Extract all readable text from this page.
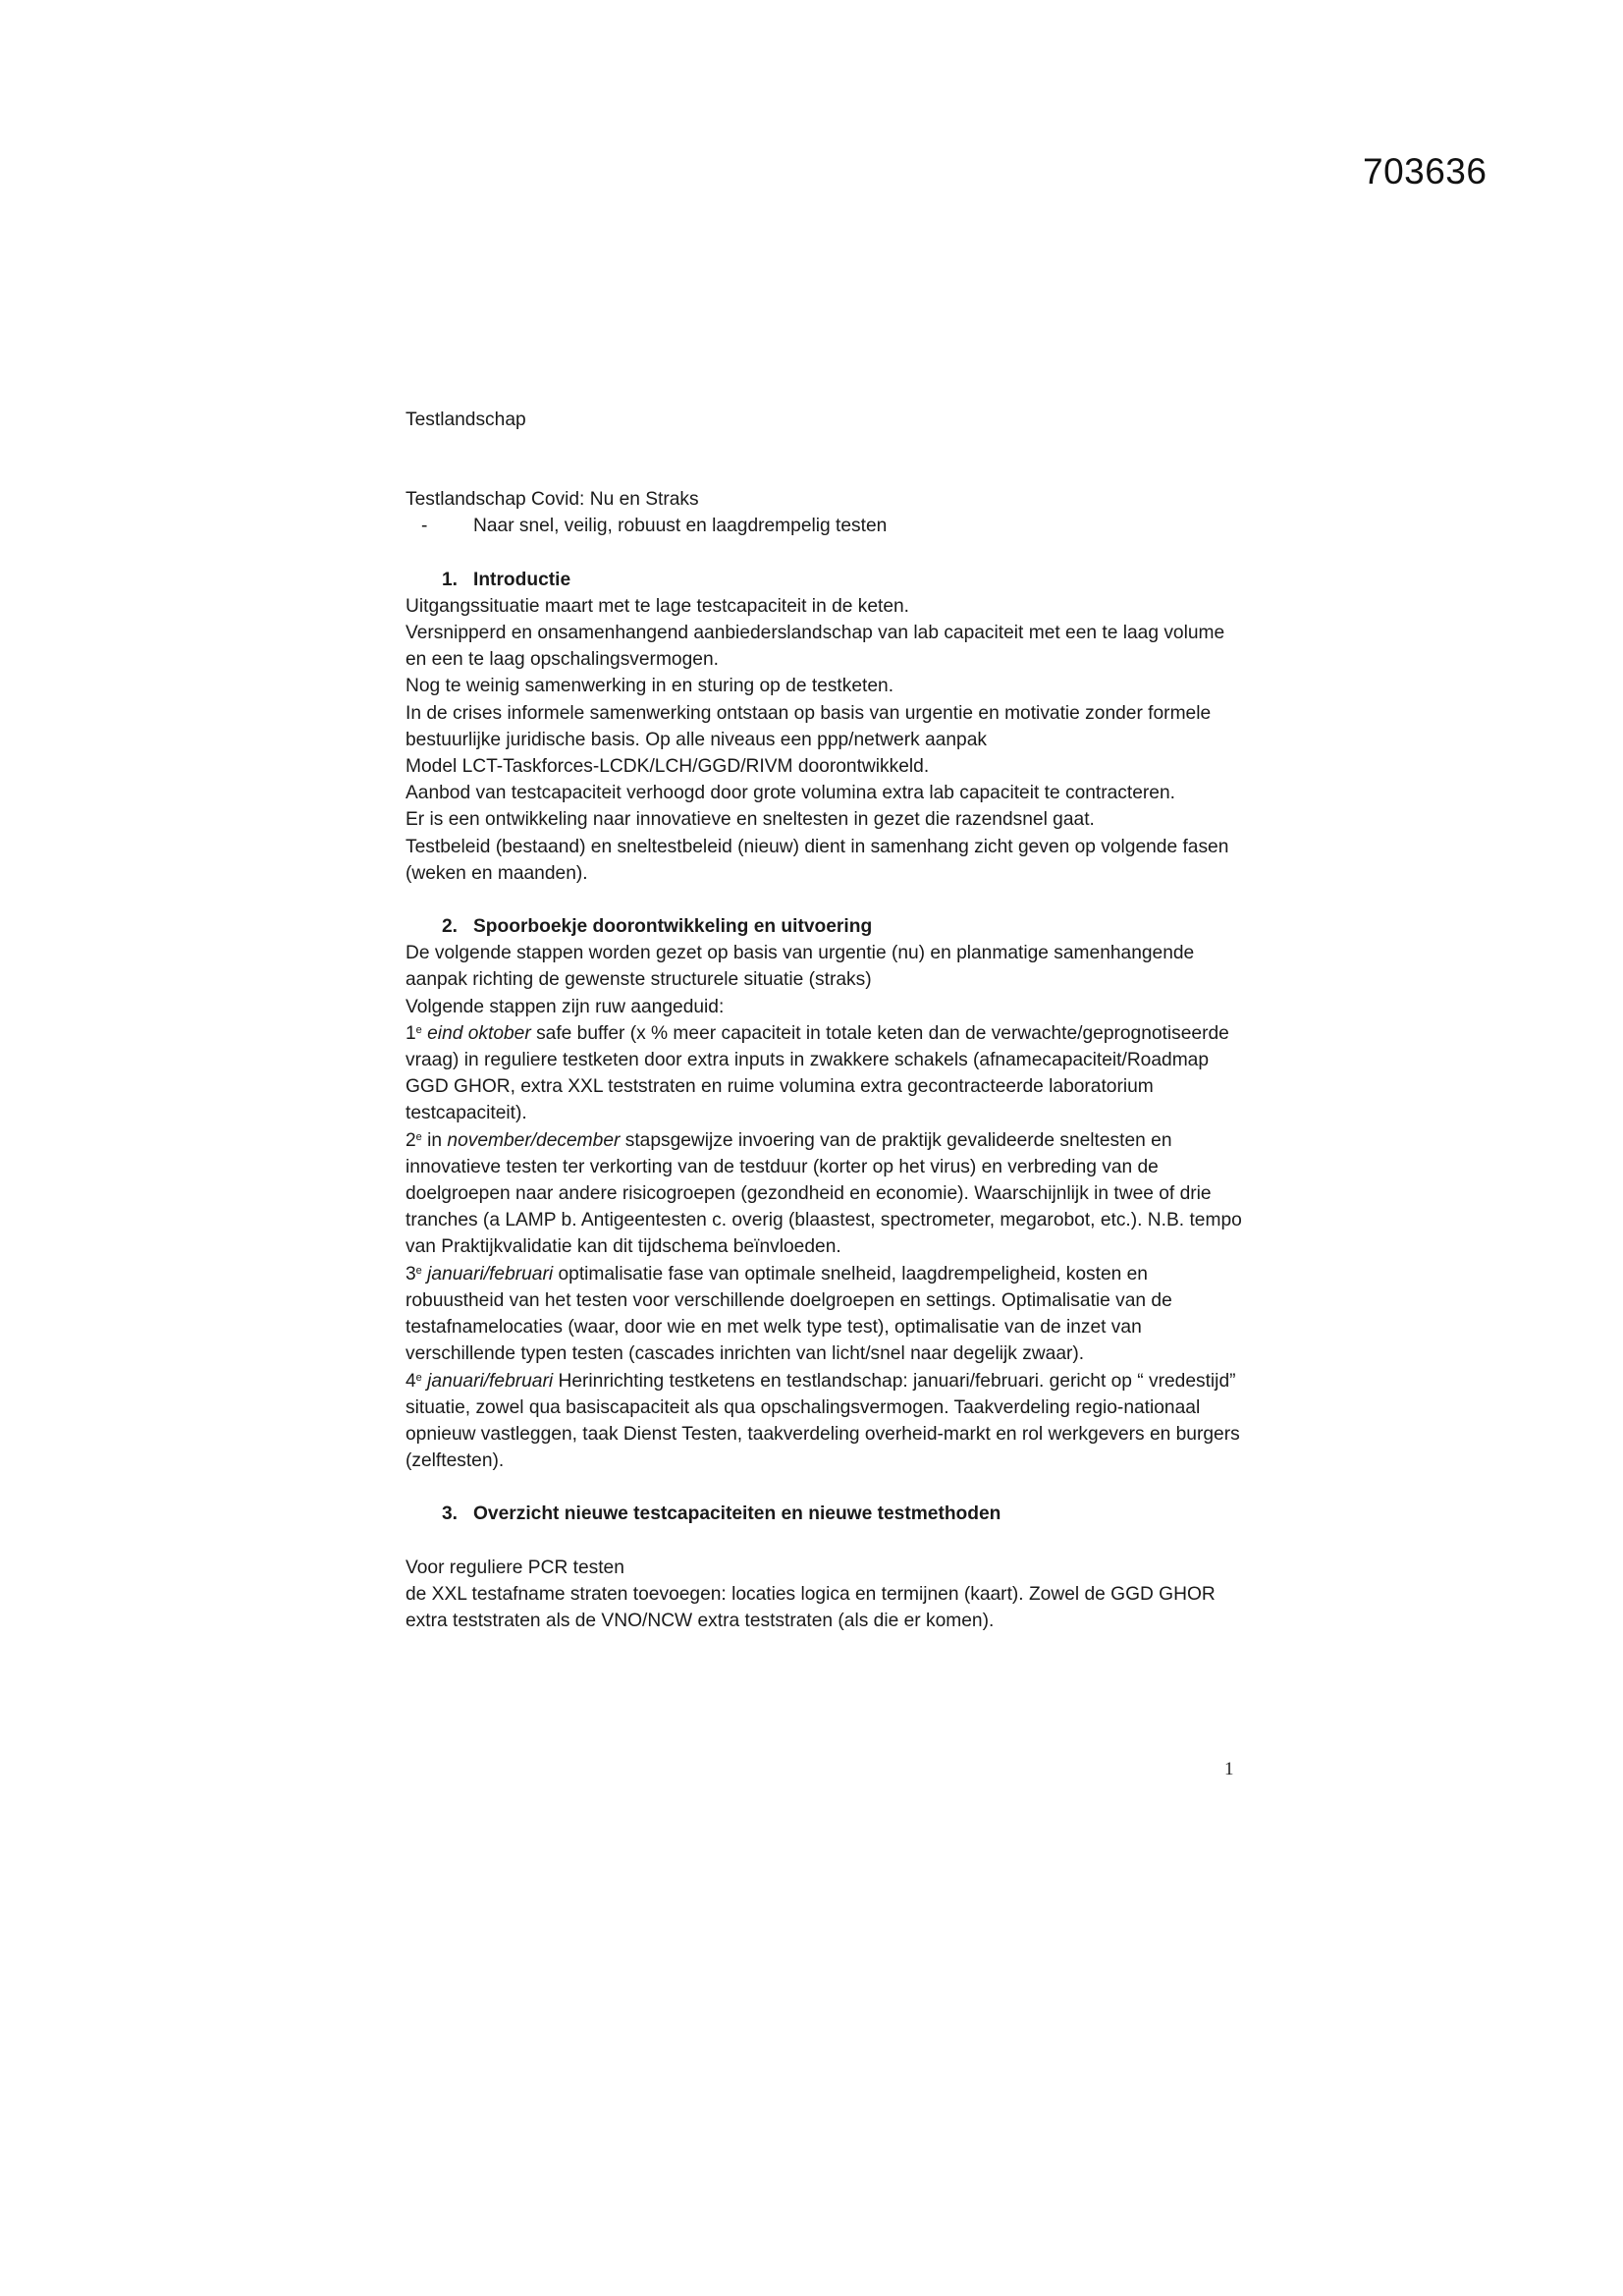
703636

Testlandschap

Testlandschap Covid: Nu en Straks

- Naar snel, veilig, robuust en laagdrempelig testen

1. Introductie

Uitgangssituatie maart met te lage testcapaciteit in de keten.

Versnipperd en onsamenhangend aanbiederslandschap van lab capaciteit met een te laag volume en een te laag opschalingsvermogen.

Nog te weinig samenwerking in en sturing op de testketen.

In de crises informele samenwerking ontstaan op basis van urgentie en motivatie zonder formele bestuurlijke juridische basis. Op alle niveaus een ppp/netwerk aanpak

Model LCT-Taskforces-LCDK/LCH/GGD/RIVM doorontwikkeld.

Aanbod van testcapaciteit verhoogd door grote volumina extra lab capaciteit te contracteren.

Er is een ontwikkeling naar innovatieve en sneltesten in gezet die razendsnel gaat.

Testbeleid (bestaand) en sneltestbeleid (nieuw) dient in samenhang zicht geven op volgende fasen (weken en maanden).

2. Spoorboekje doorontwikkeling en uitvoering

De volgende stappen worden gezet op basis van urgentie (nu) en planmatige samenhangende aanpak richting de gewenste structurele situatie (straks)

Volgende stappen zijn ruw aangeduid:

1e eind oktober safe buffer (x % meer capaciteit in totale keten dan de verwachte/geprognotiseerde vraag) in reguliere testketen door extra inputs in zwakkere schakels (afnamecapaciteit/Roadmap GGD GHOR, extra XXL teststraten en ruime volumina extra gecontracteerde laboratorium testcapaciteit).

2e in november/december stapsgewijze invoering van de praktijk gevalideerde sneltesten en innovatieve testen ter verkorting van de testduur (korter op het virus) en verbreding van de doelgroepen naar andere risicogroepen (gezondheid en economie). Waarschijnlijk in twee of drie tranches (a LAMP b. Antigeentesten c. overig (blaastest, spectrometer, megarobot, etc.). N.B. tempo van Praktijkvalidatie kan dit tijdschema beïnvloeden.

3e januari/februari optimalisatie fase van optimale snelheid, laagdrempeligheid, kosten en robuustheid van het testen voor verschillende doelgroepen en settings. Optimalisatie van de testafnamelocaties (waar, door wie en met welk type test), optimalisatie van de inzet van verschillende typen testen (cascades inrichten van licht/snel naar degelijk zwaar).

4e januari/februari Herinrichting testketens en testlandschap: januari/februari. gericht op “ vredestijd” situatie, zowel qua basiscapaciteit als qua opschalingsvermogen. Taakverdeling regio-nationaal opnieuw vastleggen, taak Dienst Testen, taakverdeling overheid-markt en rol werkgevers en burgers (zelftesten).

3. Overzicht nieuwe testcapaciteiten en nieuwe testmethoden

Voor reguliere PCR testen

de XXL testafname straten toevoegen: locaties logica en termijnen (kaart). Zowel de GGD GHOR extra teststraten als de VNO/NCW extra teststraten (als die er komen).

1
